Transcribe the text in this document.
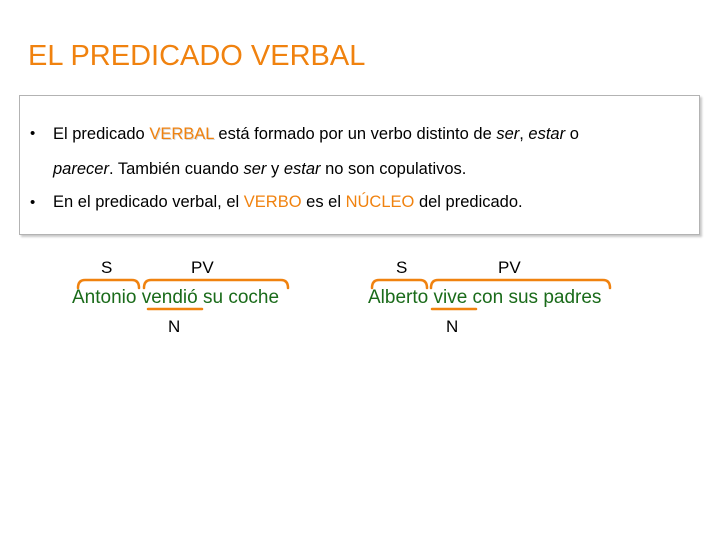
EL PREDICADO VERBAL
• El predicado VERBAL está formado por un verbo distinto de ser, estar o
parecer. También cuando ser y estar no son copulativos.
• En el predicado verbal, el VERBO es el NÚCLEO del predicado.
S	PV
Antonio vendió su coche
N
S	PV
Alberto vive con sus padres
N
